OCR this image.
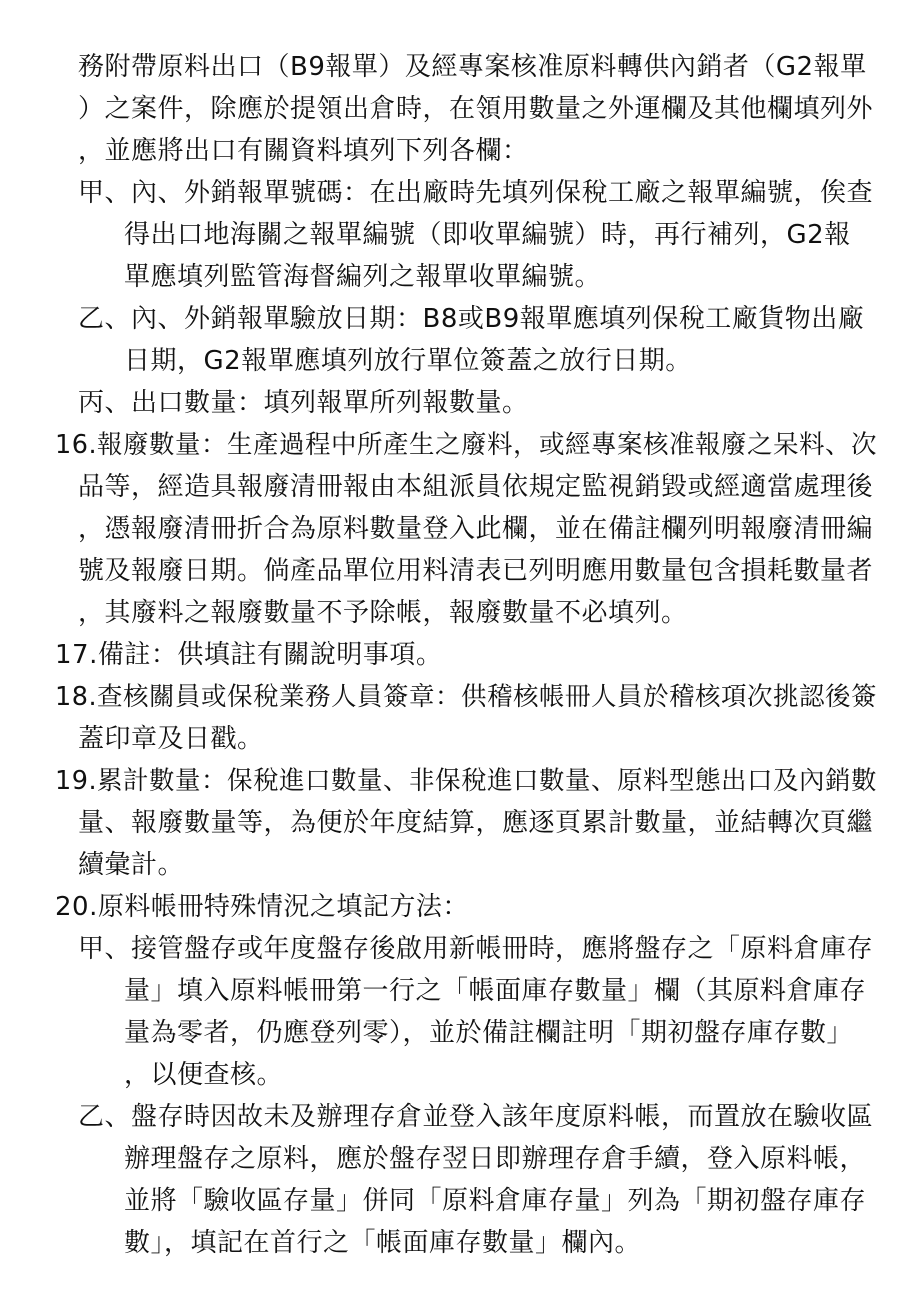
務附帶原料出口（B9報單）及經專案核准原料轉供內銷者（G2報單
）之案件，除應於提領出倉時，在領用數量之外運欄及其他欄填列外
，並應將出口有關資料填列下列各欄：
甲、內、外銷報單號碼：在出廠時先填列保稅工廠之報單編號，俟查
得出口地海關之報單編號（即收單編號）時，再行補列，G2報
單應填列監管海督編列之報單收單編號。
乙、內、外銷報單驗放日期：B8或B9報單應填列保稅工廠貨物出廠
日期，G2報單應填列放行單位簽蓋之放行日期。
丙、出口數量：填列報單所列報數量。
16.報廢數量：生產過程中所產生之廢料，或經專案核准報廢之呆料、次
品等，經造具報廢清冊報由本組派員依規定監視銷毀或經適當處理後
，憑報廢清冊折合為原料數量登入此欄，並在備註欄列明報廢清冊編
號及報廢日期。倘產品單位用料清表已列明應用數量包含損耗數量者
，其廢料之報廢數量不予除帳，報廢數量不必填列。
17.備註：供填註有關說明事項。
18.查核關員或保稅業務人員簽章：供稽核帳冊人員於稽核項次挑認後簽
蓋印章及日戳。
19.累計數量：保稅進口數量、非保稅進口數量、原料型態出口及內銷數
量、報廢數量等，為便於年度結算，應逐頁累計數量，並結轉次頁繼
續彙計。
20.原料帳冊特殊情況之填記方法：
甲、接管盤存或年度盤存後啟用新帳冊時，應將盤存之「原料倉庫存
量」填入原料帳冊第一行之「帳面庫存數量」欄（其原料倉庫存
量為零者，仍應登列零），並於備註欄註明「期初盤存庫存數」
，以便查核。
乙、盤存時因故未及辦理存倉並登入該年度原料帳，而置放在驗收區
辦理盤存之原料，應於盤存翌日即辦理存倉手續，登入原料帳，
並將「驗收區存量」併同「原料倉庫存量」列為「期初盤存庫存
數」，填記在首行之「帳面庫存數量」欄內。
